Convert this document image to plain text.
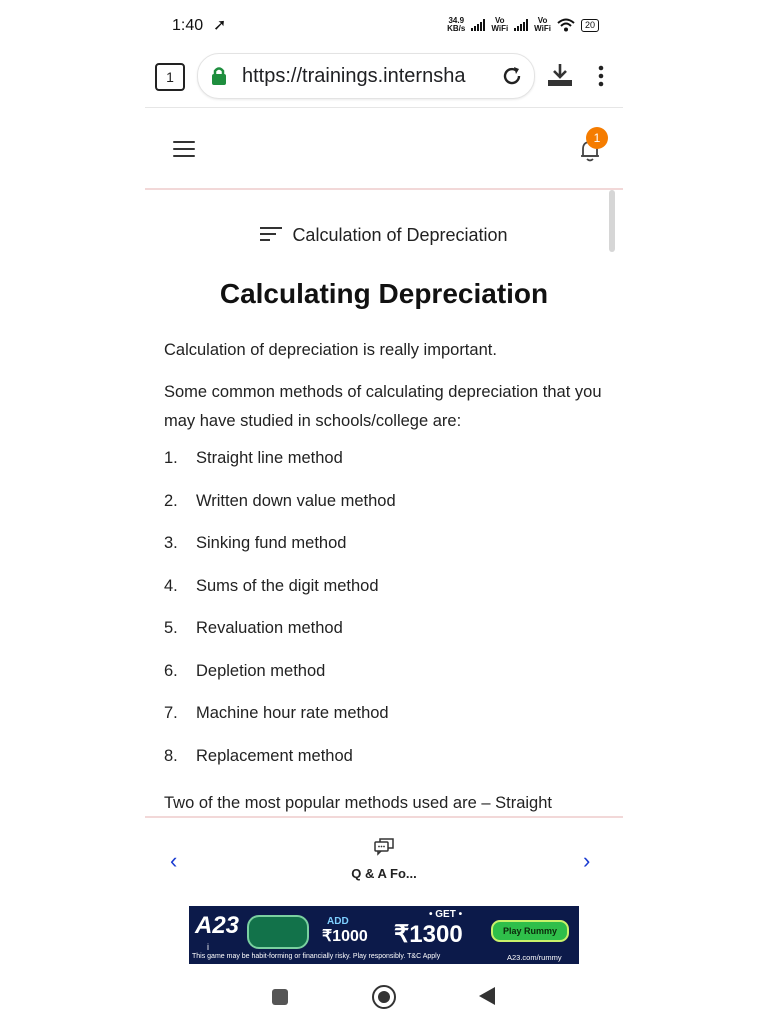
1:40 ➚	34.9
KB/s
Vo
WiFi
Vo
WiFi	20
1	https://trainings.internsha
1
Calculation of Depreciation
Calculating Depreciation

Calculation of depreciation is really important.

Some common methods of calculating depreciation that you may have studied in schools/college are:

1.	Straight line method
2.	Written down value method
3.	Sinking fund method
4.	Sums of the digit method
5.	Revaluation method
6.	Depletion method
7.	Machine hour rate method
8.	Replacement method

Two of the most popular methods used are – Straight

‹
Q & A Fo...
›
A23
i
ADD
₹1000
• GET •
₹1300	Play Rummy
This game may be habit-forming or financially risky. Play responsibly. T&C Apply	A23.com/rummy
